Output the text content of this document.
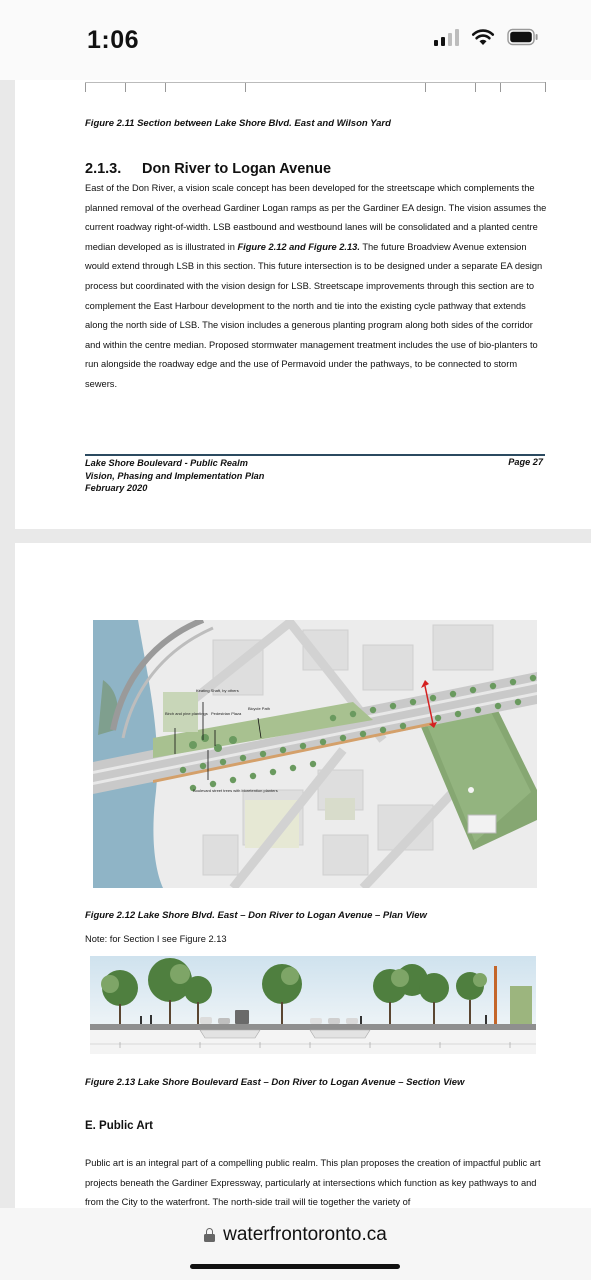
1:06
Figure 2.11 Section between Lake Shore Blvd. East and Wilson Yard
2.1.3. Don River to Logan Avenue
East of the Don River, a vision scale concept has been developed for the streetscape which complements the planned removal of the overhead Gardiner Logan ramps as per the Gardiner EA design. The vision assumes the current roadway right-of-width. LSB eastbound and westbound lanes will be consolidated and a planted centre median developed as is illustrated in Figure 2.12 and Figure 2.13. The future Broadview Avenue extension would extend through LSB in this section. This future intersection is to be designed under a separate EA design process but coordinated with the vision design for LSB. Streetscape improvements through this section are to complement the East Harbour development to the north and tie into the existing cycle pathway that extends along the north side of LSB. The vision includes a generous planting program along both sides of the corridor and within the centre median. Proposed stormwater management treatment includes the use of bio-planters to run alongside the roadway edge and the use of Permavoid under the pathways, to be connected to storm sewers.
Lake Shore Boulevard - Public Realm
Vision, Phasing and Implementation Plan
February 2020
Page 27
Keating Shaft, by others
Birch and pine plantings Pedestrian Plaza
Bicycle Path
Boulevard street trees with bioretention planters
Figure 2.12 Lake Shore Blvd. East – Don River to Logan Avenue – Plan View
Note: for Section I see Figure 2.13
Figure 2.13 Lake Shore Boulevard East – Don River to Logan Avenue – Section View
E. Public Art
Public art is an integral part of a compelling public realm. This plan proposes the creation of impactful public art projects beneath the Gardiner Expressway, particularly at intersections which function as key pathways to and from the City to the waterfront. The north-side trail will tie together the variety of
waterfrontoronto.ca
